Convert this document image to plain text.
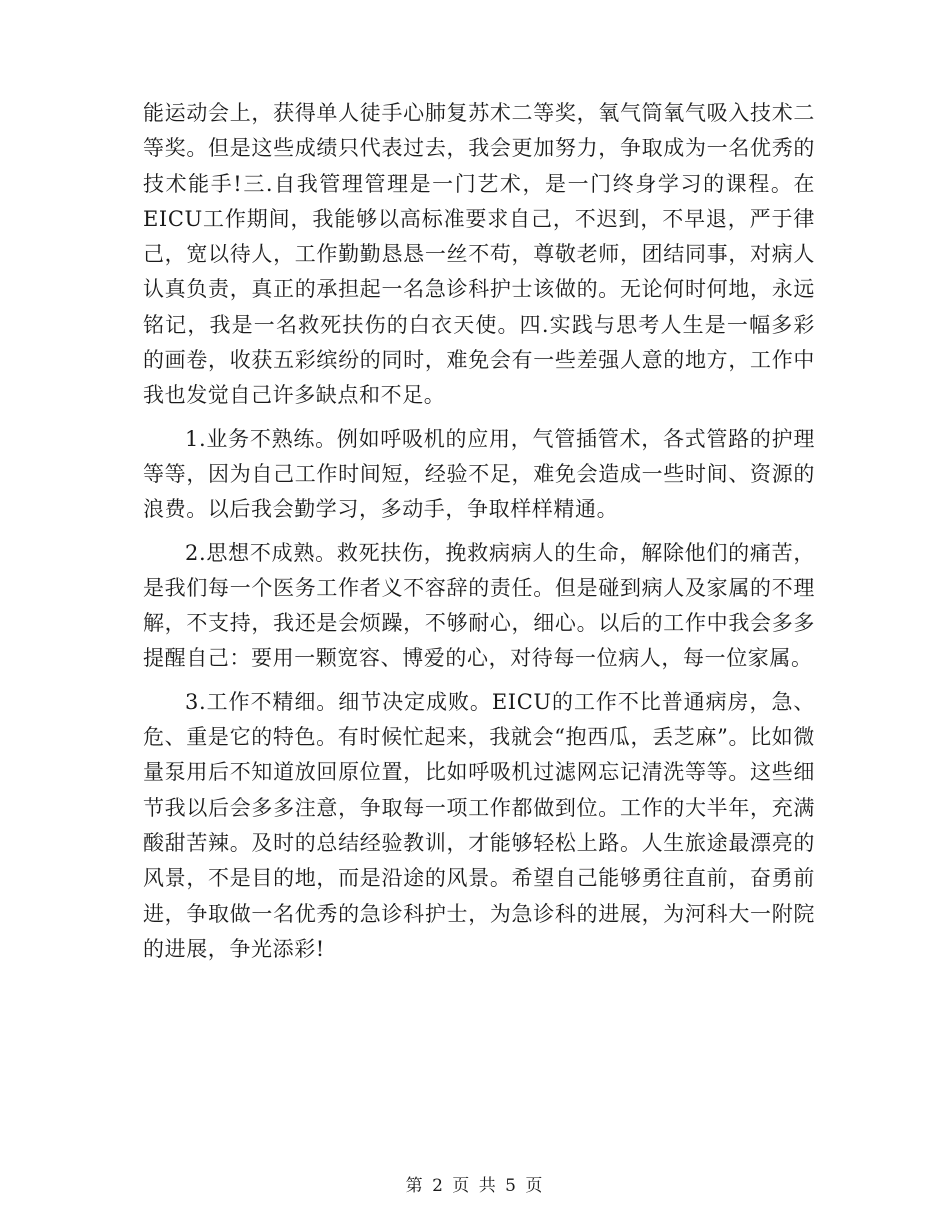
能运动会上，获得单人徒手心肺复苏术二等奖，氧气筒氧气吸入技术二等奖。但是这些成绩只代表过去，我会更加努力，争取成为一名优秀的技术能手!三.自我管理管理是一门艺术，是一门终身学习的课程。在EICU工作期间，我能够以高标准要求自己，不迟到，不早退，严于律己，宽以待人，工作勤勤恳恳一丝不苟，尊敬老师，团结同事，对病人认真负责，真正的承担起一名急诊科护士该做的。无论何时何地，永远铭记，我是一名救死扶伤的白衣天使。四.实践与思考人生是一幅多彩的画卷，收获五彩缤纷的同时，难免会有一些差强人意的地方，工作中我也发觉自己许多缺点和不足。

1.业务不熟练。例如呼吸机的应用，气管插管术，各式管路的护理等等，因为自己工作时间短，经验不足，难免会造成一些时间、资源的浪费。以后我会勤学习，多动手，争取样样精通。

2.思想不成熟。救死扶伤，挽救病病人的生命，解除他们的痛苦，是我们每一个医务工作者义不容辞的责任。但是碰到病人及家属的不理解，不支持，我还是会烦躁，不够耐心，细心。以后的工作中我会多多提醒自己：要用一颗宽容、博爱的心，对待每一位病人，每一位家属。

3.工作不精细。细节决定成败。EICU的工作不比普通病房，急、危、重是它的特色。有时候忙起来，我就会“抱西瓜，丢芝麻”。比如微量泵用后不知道放回原位置，比如呼吸机过滤网忘记清洗等等。这些细节我以后会多多注意，争取每一项工作都做到位。工作的大半年，充满酸甜苦辣。及时的总结经验教训，才能够轻松上路。人生旅途最漂亮的风景，不是目的地，而是沿途的风景。希望自己能够勇往直前，奋勇前进，争取做一名优秀的急诊科护士，为急诊科的进展，为河科大一附院的进展，争光添彩!

第 2 页 共 5 页
